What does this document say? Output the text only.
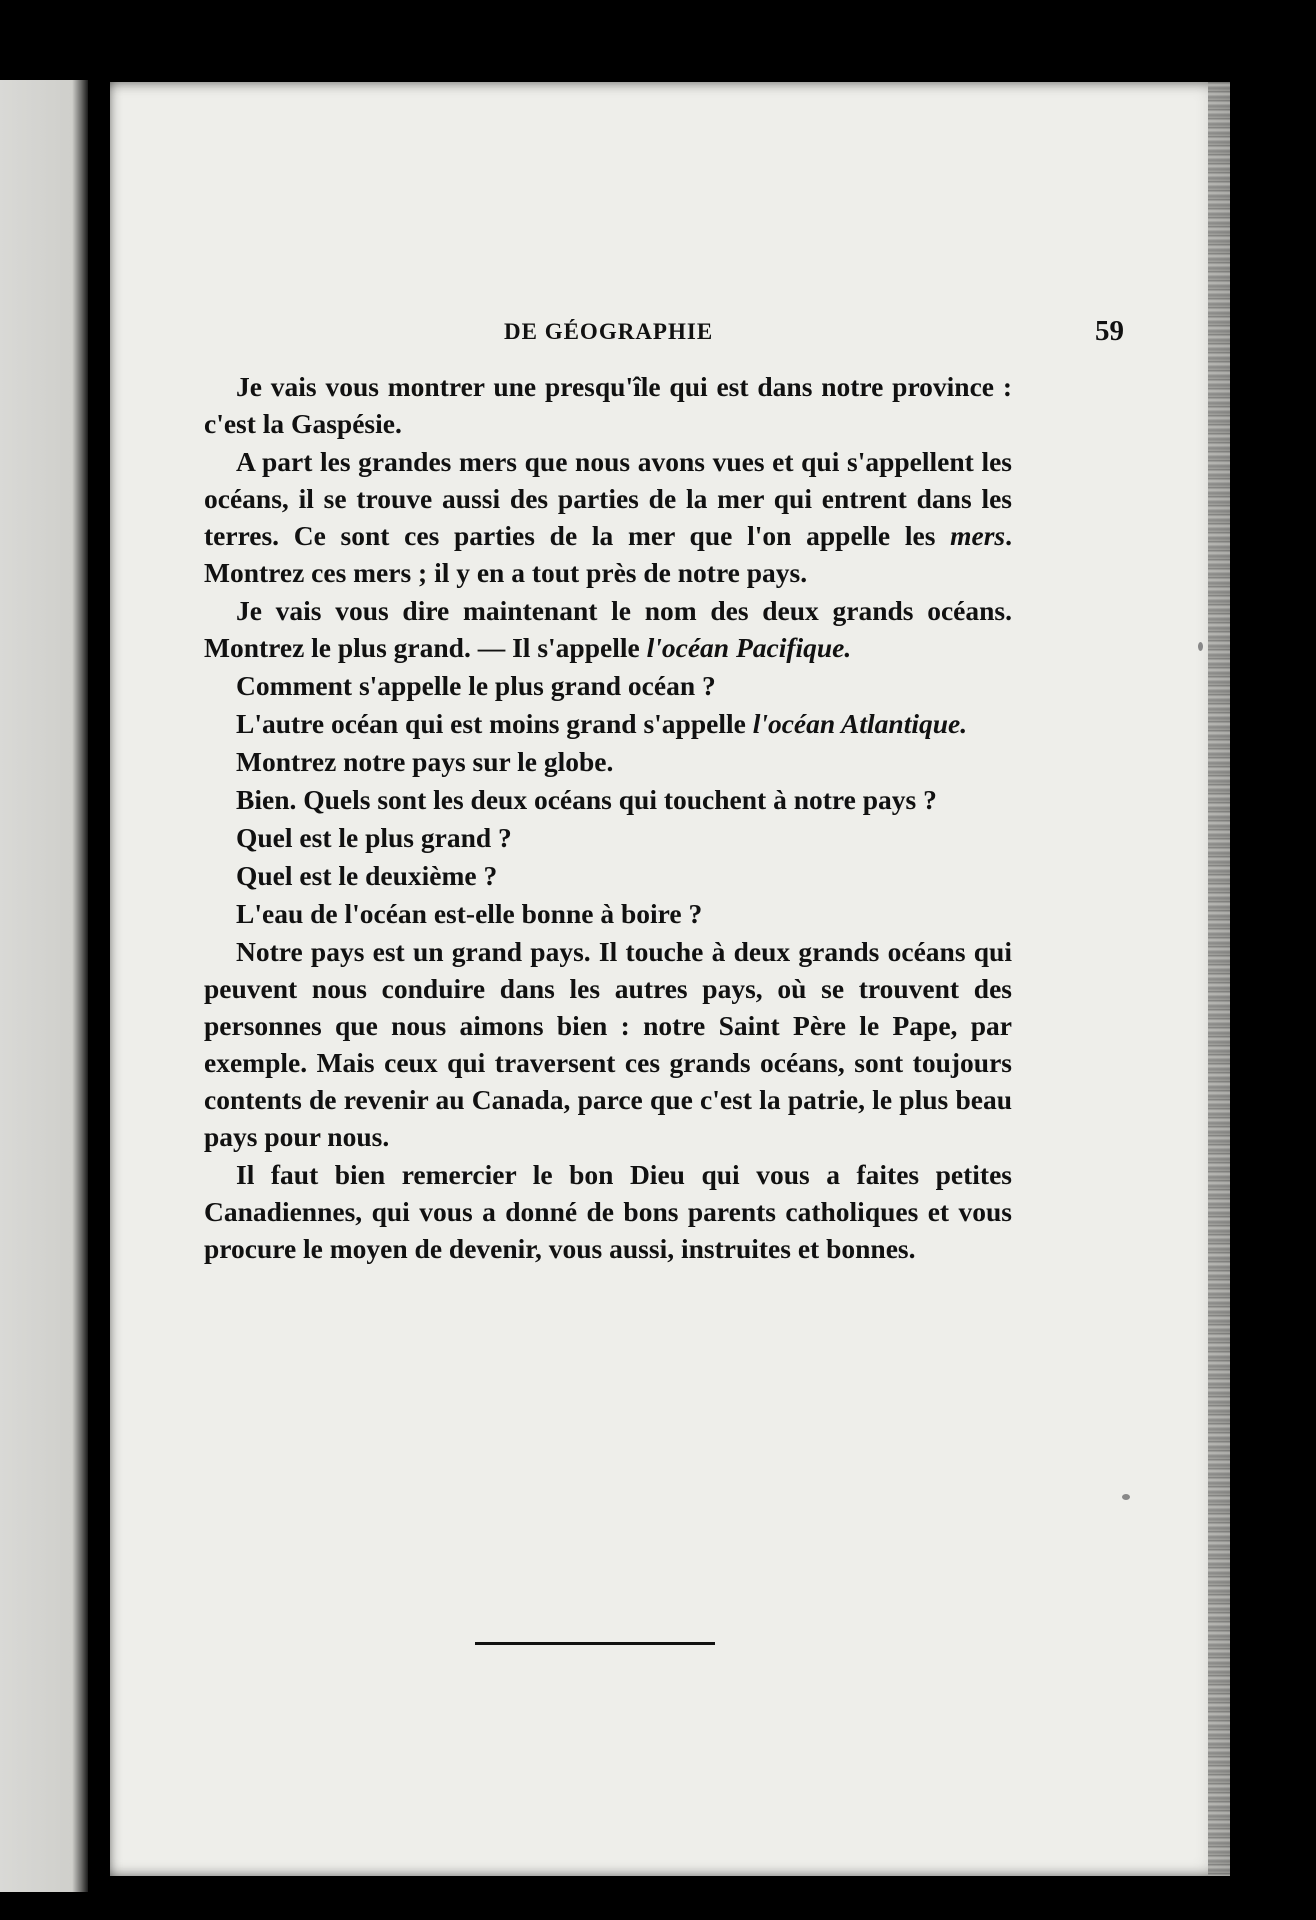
DE GÉOGRAPHIE	59

Je vais vous montrer une presqu'île qui est dans notre province : c'est la Gaspésie.

A part les grandes mers que nous avons vues et qui s'appellent les océans, il se trouve aussi des parties de la mer qui entrent dans les terres. Ce sont ces parties de la mer que l'on appelle les mers. Montrez ces mers ; il y en a tout près de notre pays.

Je vais vous dire maintenant le nom des deux grands océans. Montrez le plus grand. — Il s'appelle l'océan Pacifique.

Comment s'appelle le plus grand océan ?

L'autre océan qui est moins grand s'appelle l'océan Atlantique.

Montrez notre pays sur le globe.

Bien. Quels sont les deux océans qui touchent à notre pays ?

Quel est le plus grand ?

Quel est le deuxième ?

L'eau de l'océan est-elle bonne à boire ?

Notre pays est un grand pays. Il touche à deux grands océans qui peuvent nous conduire dans les autres pays, où se trouvent des personnes que nous aimons bien : notre Saint Père le Pape, par exemple. Mais ceux qui traversent ces grands océans, sont toujours contents de revenir au Canada, parce que c'est la patrie, le plus beau pays pour nous.

Il faut bien remercier le bon Dieu qui vous a faites petites Canadiennes, qui vous a donné de bons parents catholiques et vous procure le moyen de devenir, vous aussi, instruites et bonnes.
